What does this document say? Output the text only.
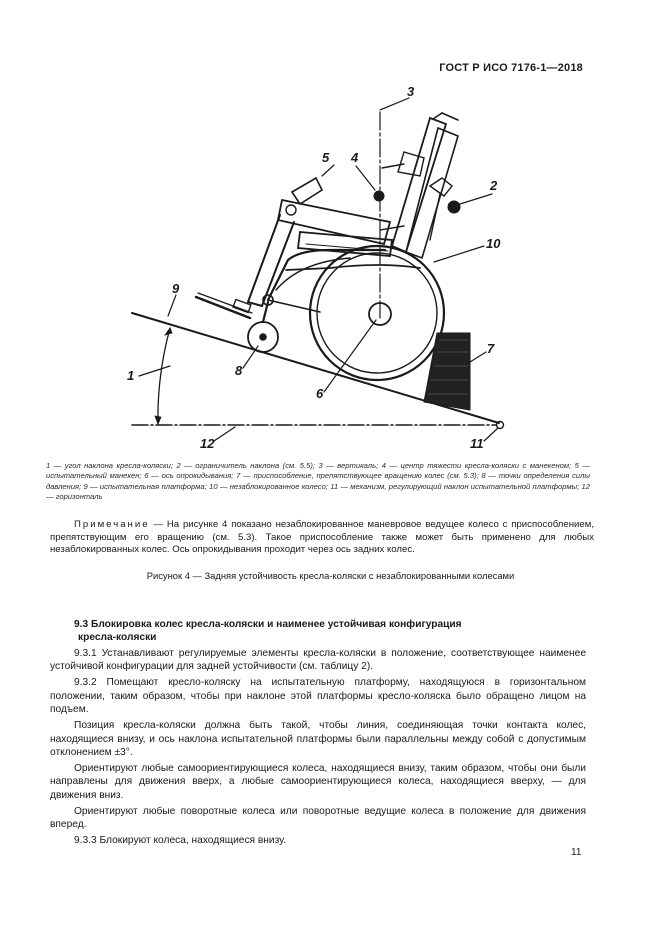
ГОСТ Р ИСО 7176-1—2018
1
2
3
4
5
6
7
8
9
10
11
12
1 — угол наклона кресла-коляски; 2 — ограничитель наклона (см. 5.5); 3 — вертикаль; 4 — центр тяжести кресла-коляски с манекеном; 5 — испытательный манекен; 6 — ось опрокидывания; 7 — приспособление, препятствующее вращению колес (см. 5.3); 8 — точки определения силы давления; 9 — испытательная платформа; 10 — незаблокированное колесо; 11 — механизм, регулирующий наклон испытательной платформы; 12 — горизонталь
Примечание — На рисунке 4 показано незаблокированное маневровое ведущее колесо с приспособлением, препятствующим его вращению (см. 5.3). Такое приспособление также может быть применено для любых незаблокированных колес. Ось опрокидывания проходит через ось задних колес.
Рисунок 4 — Задняя устойчивость кресла-коляски с незаблокированными колесами
9.3 Блокировка колес кресла-коляски и наименее устойчивая конфигурация
кресла-коляски

9.3.1 Устанавливают регулируемые элементы кресла-коляски в положение, соответствующее наименее устойчивой конфигурации для задней устойчивости (см. таблицу 2).

9.3.2 Помещают кресло-коляску на испытательную платформу, находящуюся в горизонтальном положении, таким образом, чтобы при наклоне этой платформы кресло-коляска было обращено лицом на подъем.

Позиция кресла-коляски должна быть такой, чтобы линия, соединяющая точки контакта колес, находящиеся внизу, и ось наклона испытательной платформы были параллельны между собой с допустимым отклонением ±3°.

Ориентируют любые самоориентирующиеся колеса, находящиеся внизу, таким образом, чтобы они были направлены для движения вверх, а любые самоориентирующиеся колеса, находящиеся вверху, — для движения вниз.

Ориентируют любые поворотные колеса или поворотные ведущие колеса в положение для движения вперед.

9.3.3 Блокируют колеса, находящиеся внизу.

11
